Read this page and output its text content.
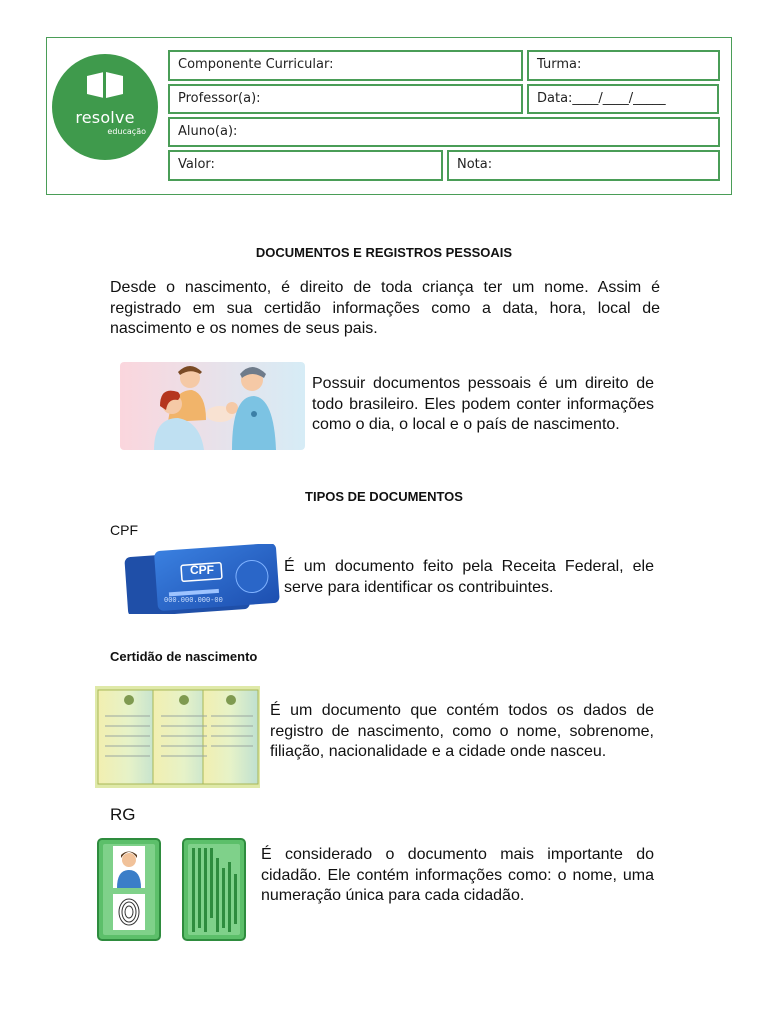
resolve
educação
Componente Curricular:	Turma:
Professor(a):	Data:____/____/_____
Aluno(a):
Valor:	Nota:
DOCUMENTOS E REGISTROS PESSOAIS
Desde o nascimento, é direito de toda criança ter um nome. Assim é registrado em sua certidão informações como a data, hora, local de nascimento e os nomes de seus pais.
Possuir documentos pessoais é um direito de todo brasileiro. Eles podem conter informações como o dia, o local e o país de nascimento.
TIPOS DE DOCUMENTOS
CPF
CPF
000.000.000-00
É um documento feito pela Receita Federal, ele serve para identificar os contribuintes.
Certidão de nascimento
É um documento que contém todos os dados de registro de nascimento, como o nome, sobrenome, filiação, nacionalidade e a cidade onde nasceu.
RG
É considerado o documento mais importante do cidadão. Ele contém informações como: o nome, uma numeração única para cada cidadão.
